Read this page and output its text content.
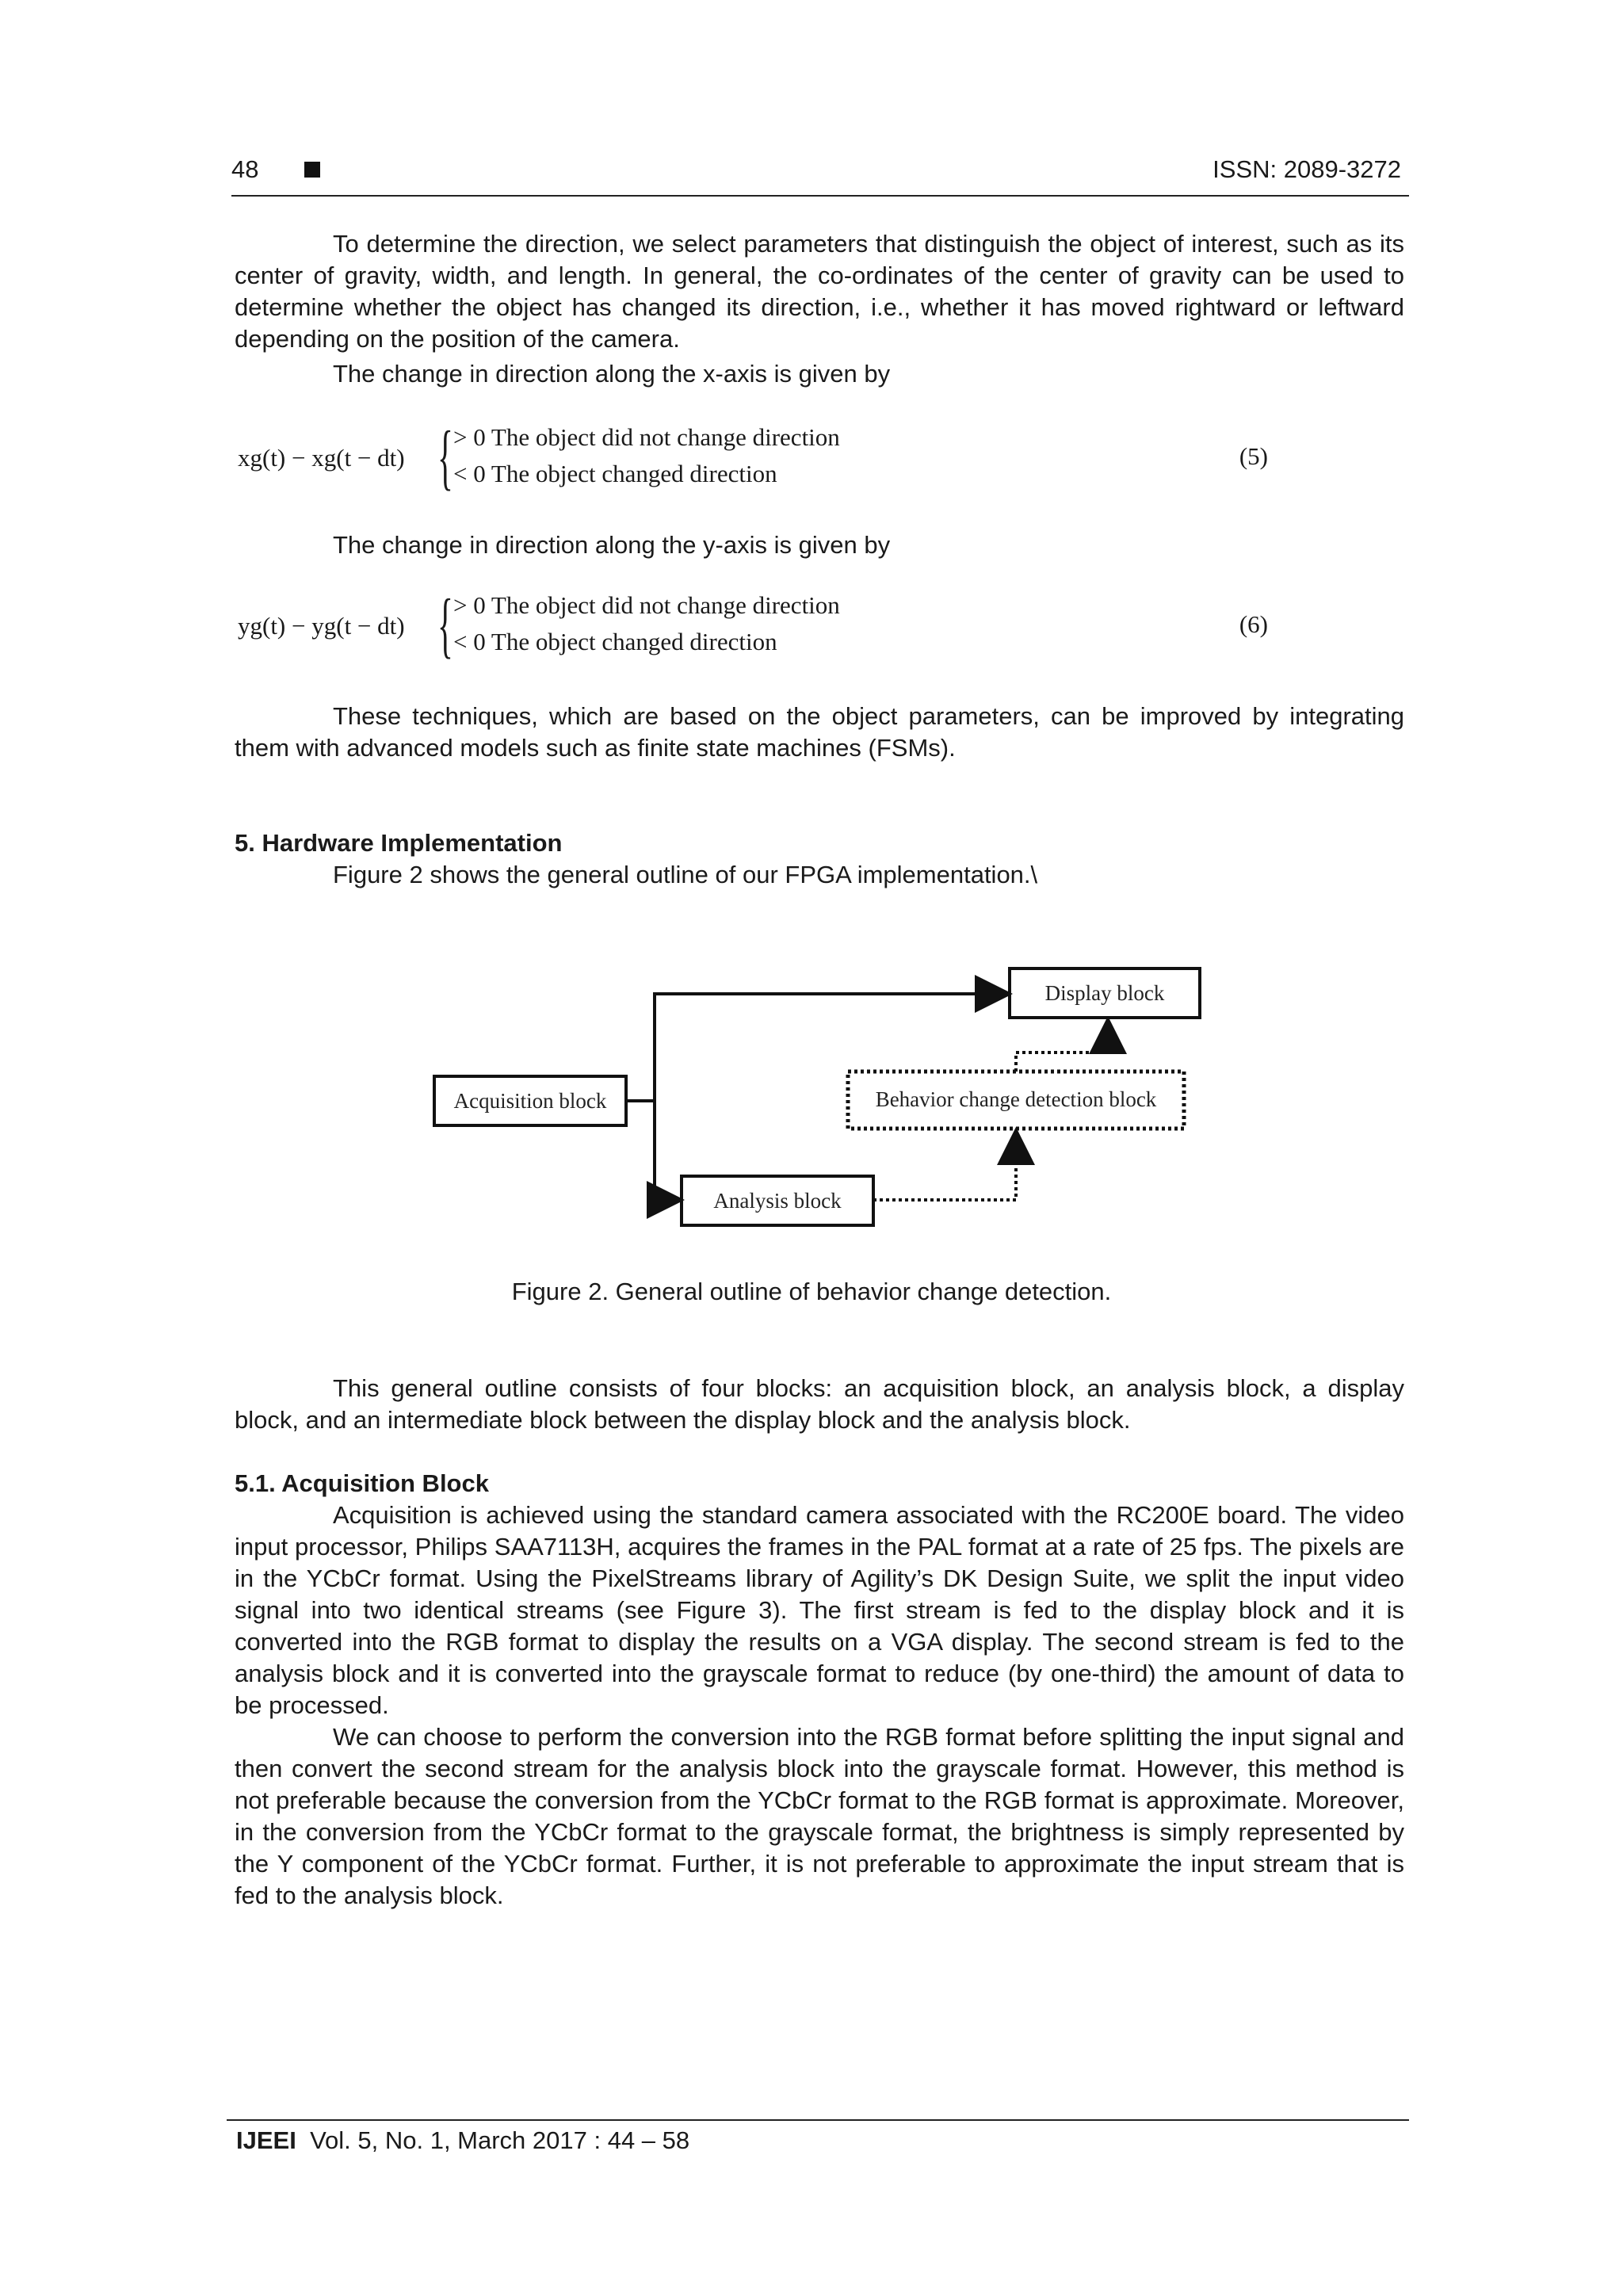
48	ISSN: 2089-3272
To determine the direction, we select parameters that distinguish the object of interest, such as its center of gravity, width, and length. In general, the co-ordinates of the center of gravity can be used to determine whether the object has changed its direction, i.e., whether it has moved rightward or leftward depending on the position of the camera.
The change in direction along the x-axis is given by
xg(t) − xg(t − dt) { > 0 The object did not change direction
< 0 The object changed direction
(5)
The change in direction along the y-axis is given by
yg(t) − yg(t − dt) { > 0 The object did not change direction
< 0 The object changed direction
(6)
These techniques, which are based on the object parameters, can be improved by integrating them with advanced models such as finite state machines (FSMs).
5. Hardware Implementation
Figure 2 shows the general outline of our FPGA implementation.\
Display block
Behavior change detection block
Acquisition block
Analysis block
Figure 2. General outline of behavior change detection.
This general outline consists of four blocks: an acquisition block, an analysis block, a display block, and an intermediate block between the display block and the analysis block.
5.1. Acquisition Block
Acquisition is achieved using the standard camera associated with the RC200E board. The video input processor, Philips SAA7113H, acquires the frames in the PAL format at a rate of 25 fps. The pixels are in the YCbCr format. Using the PixelStreams library of Agility’s DK Design Suite, we split the input video signal into two identical streams (see Figure 3). The first stream is fed to the display block and it is converted into the RGB format to display the results on a VGA display. The second stream is fed to the analysis block and it is converted into the grayscale format to reduce (by one-third) the amount of data to be processed.
We can choose to perform the conversion into the RGB format before splitting the input signal and then convert the second stream for the analysis block into the grayscale format. However, this method is not preferable because the conversion from the YCbCr format to the RGB format is approximate. Moreover, in the conversion from the YCbCr format to the grayscale format, the brightness is simply represented by the Y component of the YCbCr format. Further, it is not preferable to approximate the input stream that is fed to the analysis block.
IJEEI Vol. 5, No. 1, March 2017 : 44 – 58
